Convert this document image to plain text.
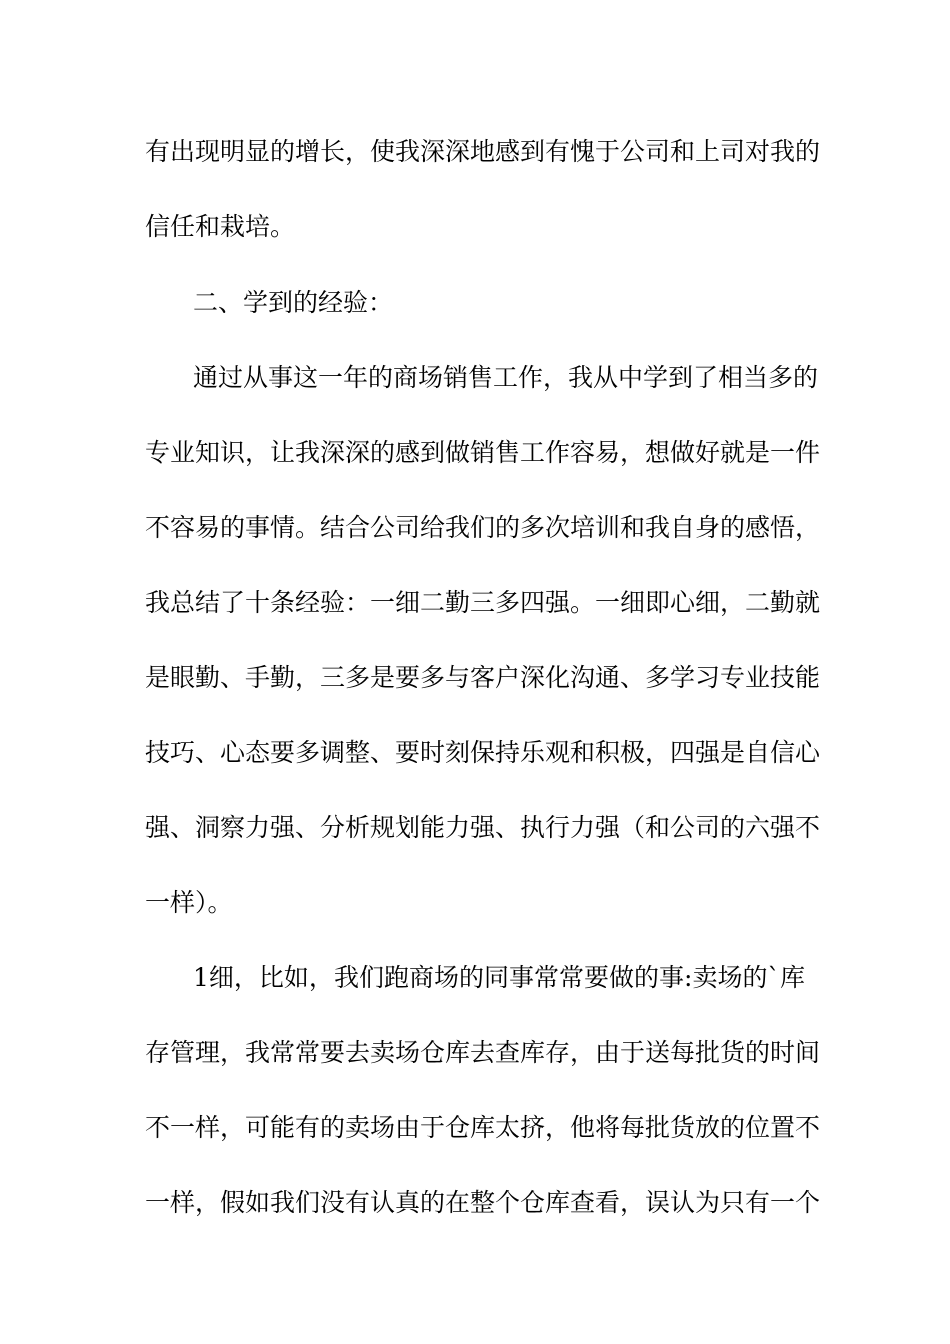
有出现明显的增长，使我深深地感到有愧于公司和上司对我的
信任和栽培。
二、学到的经验：
通过从事这一年的商场销售工作，我从中学到了相当多的
专业知识，让我深深的感到做销售工作容易，想做好就是一件
不容易的事情。结合公司给我们的多次培训和我自身的感悟，
我总结了十条经验：一细二勤三多四强。一细即心细，二勤就
是眼勤、手勤，三多是要多与客户深化沟通、多学习专业技能
技巧、心态要多调整、要时刻保持乐观和积极，四强是自信心
强、洞察力强、分析规划能力强、执行力强（和公司的六强不
一样）。
1细，比如，我们跑商场的同事常常要做的事:卖场的`库
存管理，我常常要去卖场仓库去查库存，由于送每批货的时间
不一样，可能有的卖场由于仓库太挤，他将每批货放的位置不
一样，假如我们没有认真的在整个仓库查看，误认为只有一个
